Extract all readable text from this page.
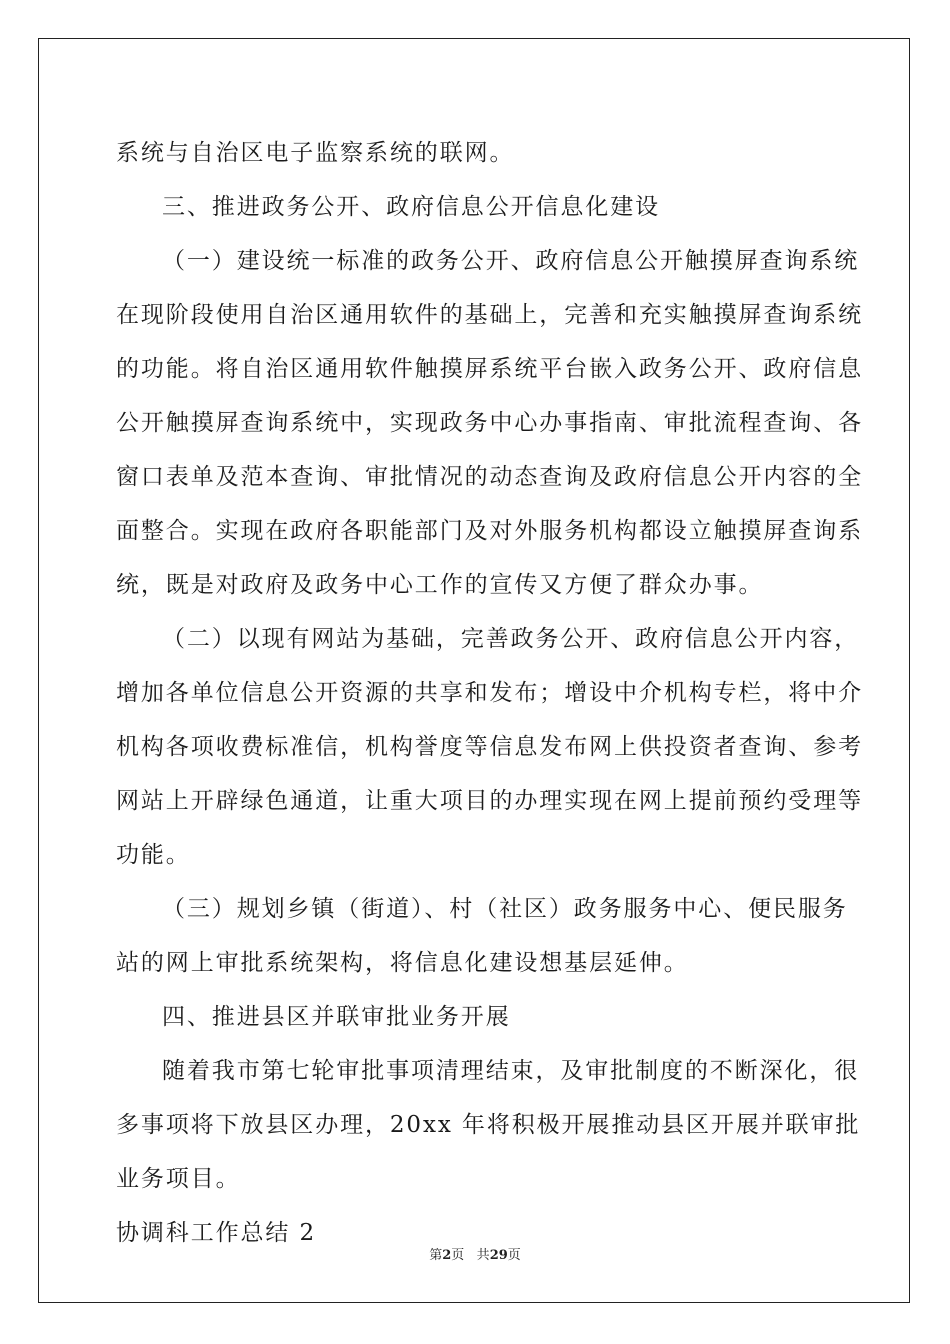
系统与自治区电子监察系统的联网。
三、推进政务公开、政府信息公开信息化建设
（一）建设统一标准的政务公开、政府信息公开触摸屏查询系统
在现阶段使用自治区通用软件的基础上，完善和充实触摸屏查询系统
的功能。将自治区通用软件触摸屏系统平台嵌入政务公开、政府信息
公开触摸屏查询系统中，实现政务中心办事指南、审批流程查询、各
窗口表单及范本查询、审批情况的动态查询及政府信息公开内容的全
面整合。实现在政府各职能部门及对外服务机构都设立触摸屏查询系
统，既是对政府及政务中心工作的宣传又方便了群众办事。
（二）以现有网站为基础，完善政务公开、政府信息公开内容，
增加各单位信息公开资源的共享和发布；增设中介机构专栏，将中介
机构各项收费标准信，机构誉度等信息发布网上供投资者查询、参考
网站上开辟绿色通道，让重大项目的办理实现在网上提前预约受理等
功能。
（三）规划乡镇（街道）、村（社区）政务服务中心、便民服务
站的网上审批系统架构，将信息化建设想基层延伸。
四、推进县区并联审批业务开展
随着我市第七轮审批事项清理结束，及审批制度的不断深化，很
多事项将下放县区办理，20xx 年将积极开展推动县区开展并联审批
业务项目。
协调科工作总结 2
第2页 共29页
